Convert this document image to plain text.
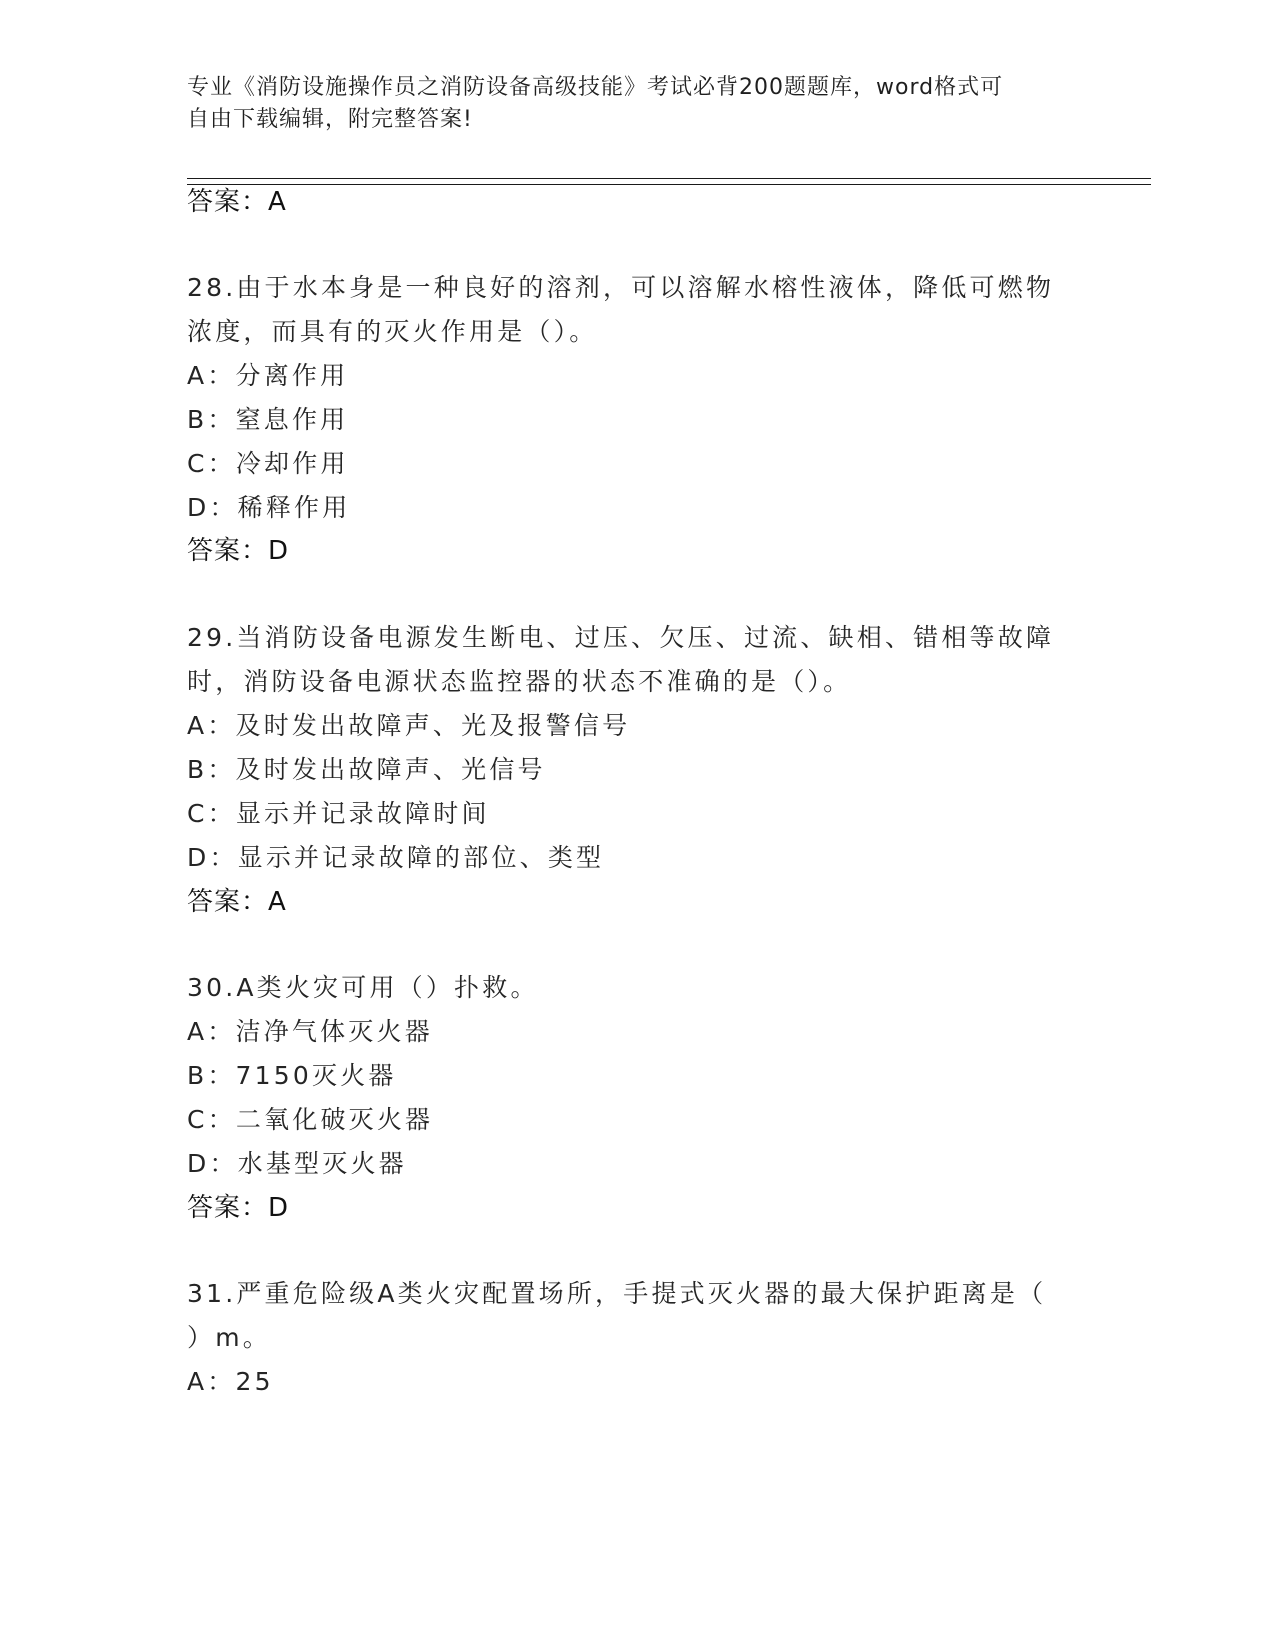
专业《消防设施操作员之消防设备高级技能》考试必背200题题库，word格式可
自由下载编辑，附完整答案!
答案：A
28.由于水本身是一种良好的溶剂，可以溶解水榕性液体，降低可燃物
浓度，而具有的灭火作用是（）。
A：分离作用
B：窒息作用
C：冷却作用
D：稀释作用
答案：D
29.当消防设备电源发生断电、过压、欠压、过流、缺相、错相等故障
时，消防设备电源状态监控器的状态不准确的是（）。
A：及时发出故障声、光及报警信号
B：及时发出故障声、光信号
C：显示并记录故障时间
D：显示并记录故障的部位、类型
答案：A
30.A类火灾可用（）扑救。
A：洁净气体灭火器
B：7150灭火器
C：二氧化破灭火器
D：水基型灭火器
答案：D
31.严重危险级A类火灾配置场所，手提式灭火器的最大保护距离是（
）m。
A：25
